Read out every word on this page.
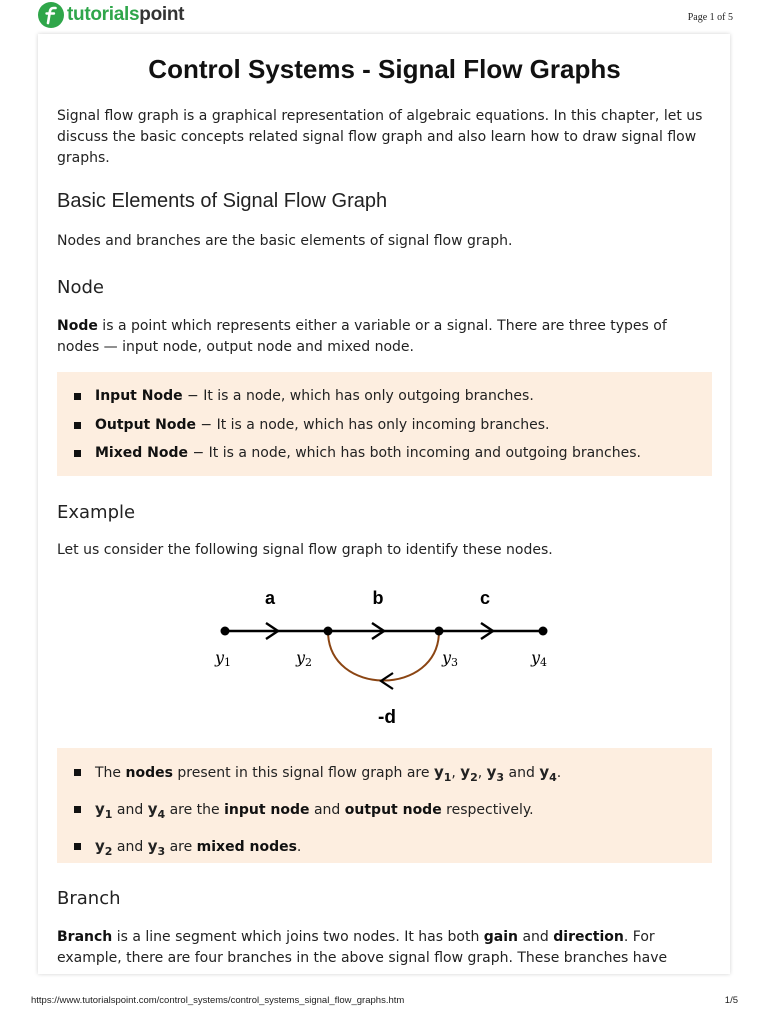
tutorialspoint	Page 1 of 5
Control Systems - Signal Flow Graphs

Signal flow graph is a graphical representation of algebraic equations. In this chapter, let us discuss the basic concepts related signal flow graph and also learn how to draw signal flow graphs.

Basic Elements of Signal Flow Graph

Nodes and branches are the basic elements of signal flow graph.

Node

Node is a point which represents either a variable or a signal. There are three types of nodes — input node, output node and mixed node.

Input Node − It is a node, which has only outgoing branches.
Output Node − It is a node, which has only incoming branches.
Mixed Node − It is a node, which has both incoming and outgoing branches.
Example

Let us consider the following signal flow graph to identify these nodes.

a	b	c
-d
y1	y2	y3	y4
The nodes present in this signal flow graph are $y_1$, $y_2$, $y_3$ and $y_4$.
$y_1$ and $y_4$ are the input node and output node respectively.
$y_2$ and $y_3$ are mixed nodes.
Branch

Branch is a line segment which joins two nodes. It has both gain and direction. For example, there are four branches in the above signal flow graph. These branches have

https://www.tutorialspoint.com/control_systems/control_systems_signal_flow_graphs.htm	1/5
